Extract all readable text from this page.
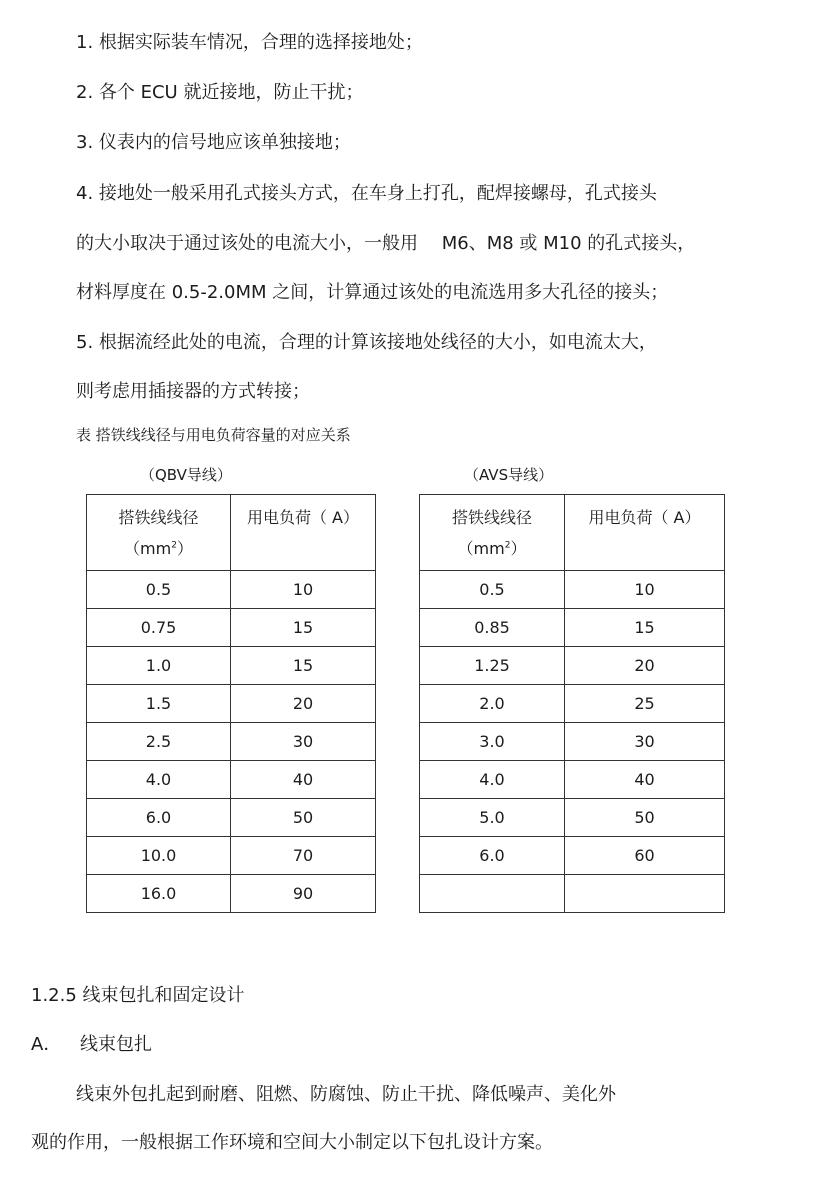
1. 根据实际装车情况，合理的选择接地处；
2. 各个 ECU 就近接地，防止干扰；
3. 仪表内的信号地应该单独接地；
4. 接地处一般采用孔式接头方式，在车身上打孔，配焊接螺母，孔式接头
的大小取决于通过该处的电流大小，一般用　 M6、M8 或 M10 的孔式接头，
材料厚度在 0.5-2.0MM 之间，计算通过该处的电流选用多大孔径的接头；
5. 根据流经此处的电流，合理的计算该接地处线径的大小，如电流太大，
则考虑用插接器的方式转接；
表 搭铁线线径与用电负荷容量的对应关系
（QBV导线）	（AVS导线）
搭铁线线径
$(mm^2)$	用电负荷（ A）

0.5	10
0.75	15
1.0	15
1.5	20
2.5	30
4.0	40
6.0	50
10.0	70
16.0	90
搭铁线线径
$(mm^2)$	用电负荷（ A）

0.5	10
0.85	15
1.25	20
2.0	25
3.0	30
4.0	40
5.0	50
6.0	60

1.2.5 线束包扎和固定设计
A． 线束包扎
线束外包扎起到耐磨、阻燃、防腐蚀、防止干扰、降低噪声、美化外
观的作用，一般根据工作环境和空间大小制定以下包扎设计方案。
